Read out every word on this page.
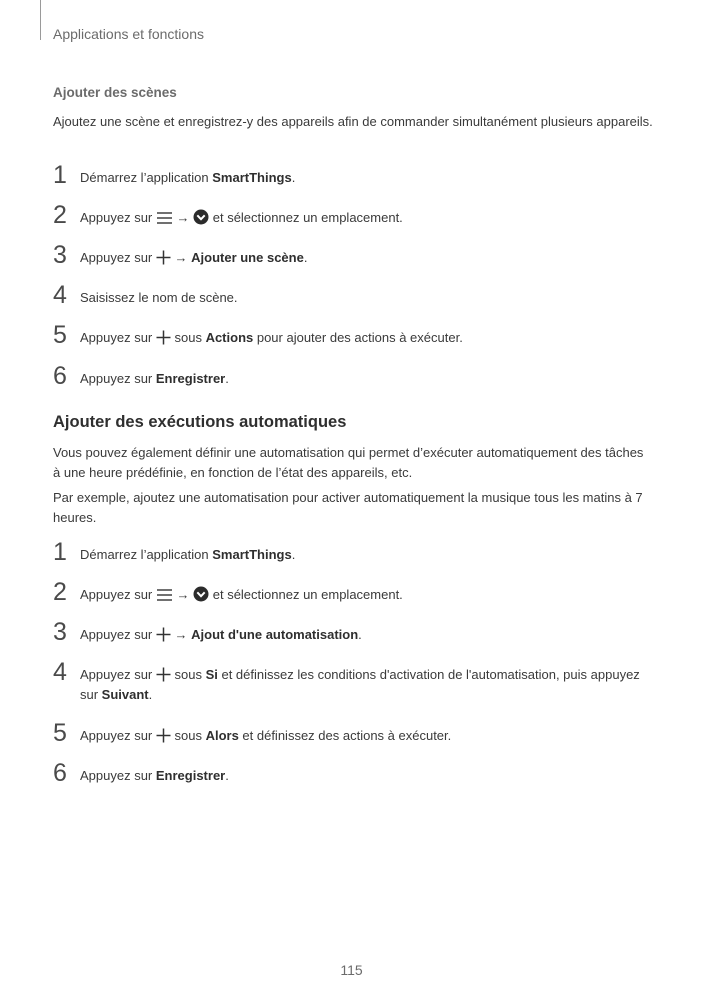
Applications et fonctions
Ajouter des scènes
Ajoutez une scène et enregistrez-y des appareils afin de commander simultanément plusieurs appareils.
1 Démarrez l’application SmartThings.
2 Appuyez sur  →  et sélectionnez un emplacement.
3 Appuyez sur  → Ajouter une scène.
4 Saisissez le nom de scène.
5 Appuyez sur  sous Actions pour ajouter des actions à exécuter.
6 Appuyez sur Enregistrer.
Ajouter des exécutions automatiques
Vous pouvez également définir une automatisation qui permet d’exécuter automatiquement des tâches à une heure prédéfinie, en fonction de l’état des appareils, etc.
Par exemple, ajoutez une automatisation pour activer automatiquement la musique tous les matins à 7 heures.
1 Démarrez l’application SmartThings.
2 Appuyez sur  →  et sélectionnez un emplacement.
3 Appuyez sur  → Ajout d'une automatisation.
4 Appuyez sur  sous Si et définissez les conditions d'activation de l'automatisation, puis appuyez sur Suivant.
5 Appuyez sur  sous Alors et définissez des actions à exécuter.
6 Appuyez sur Enregistrer.
115
